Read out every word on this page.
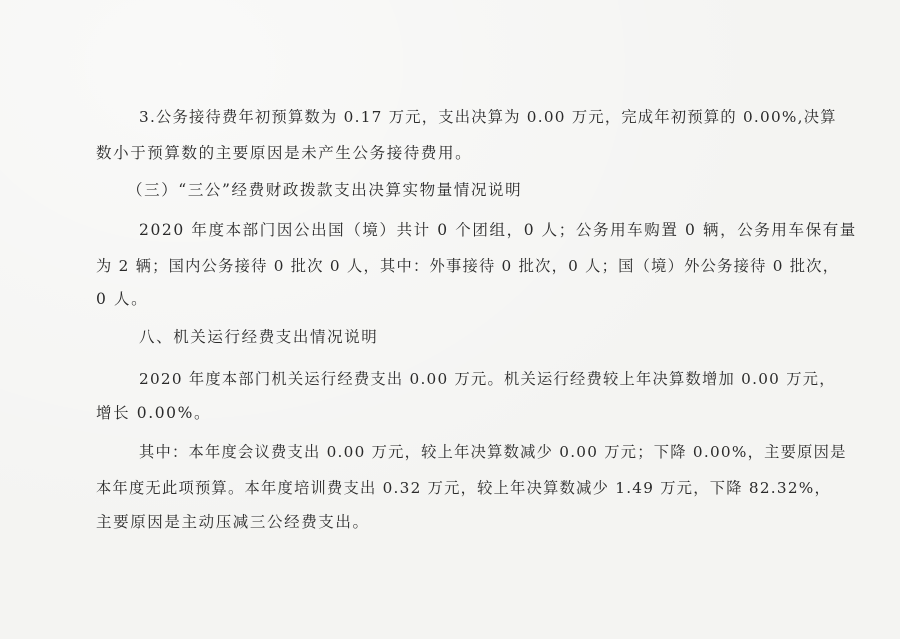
3.公务接待费年初预算数为 0.17 万元，支出决算为 0.00 万元，完成年初预算的 0.00%,决算
数小于预算数的主要原因是未产生公务接待费用。
（三）“三公”经费财政拨款支出决算实物量情况说明
2020 年度本部门因公出国（境）共计 0 个团组，0 人；公务用车购置 0 辆，公务用车保有量
为 2 辆；国内公务接待 0 批次 0 人，其中：外事接待 0 批次，0 人；国（境）外公务接待 0 批次，
0 人。
八、机关运行经费支出情况说明
2020 年度本部门机关运行经费支出 0.00 万元。机关运行经费较上年决算数增加 0.00 万元，
增长 0.00%。
其中：本年度会议费支出 0.00 万元，较上年决算数减少 0.00 万元；下降 0.00%，主要原因是
本年度无此项预算。本年度培训费支出 0.32 万元，较上年决算数减少 1.49 万元，下降 82.32%，
主要原因是主动压减三公经费支出。
